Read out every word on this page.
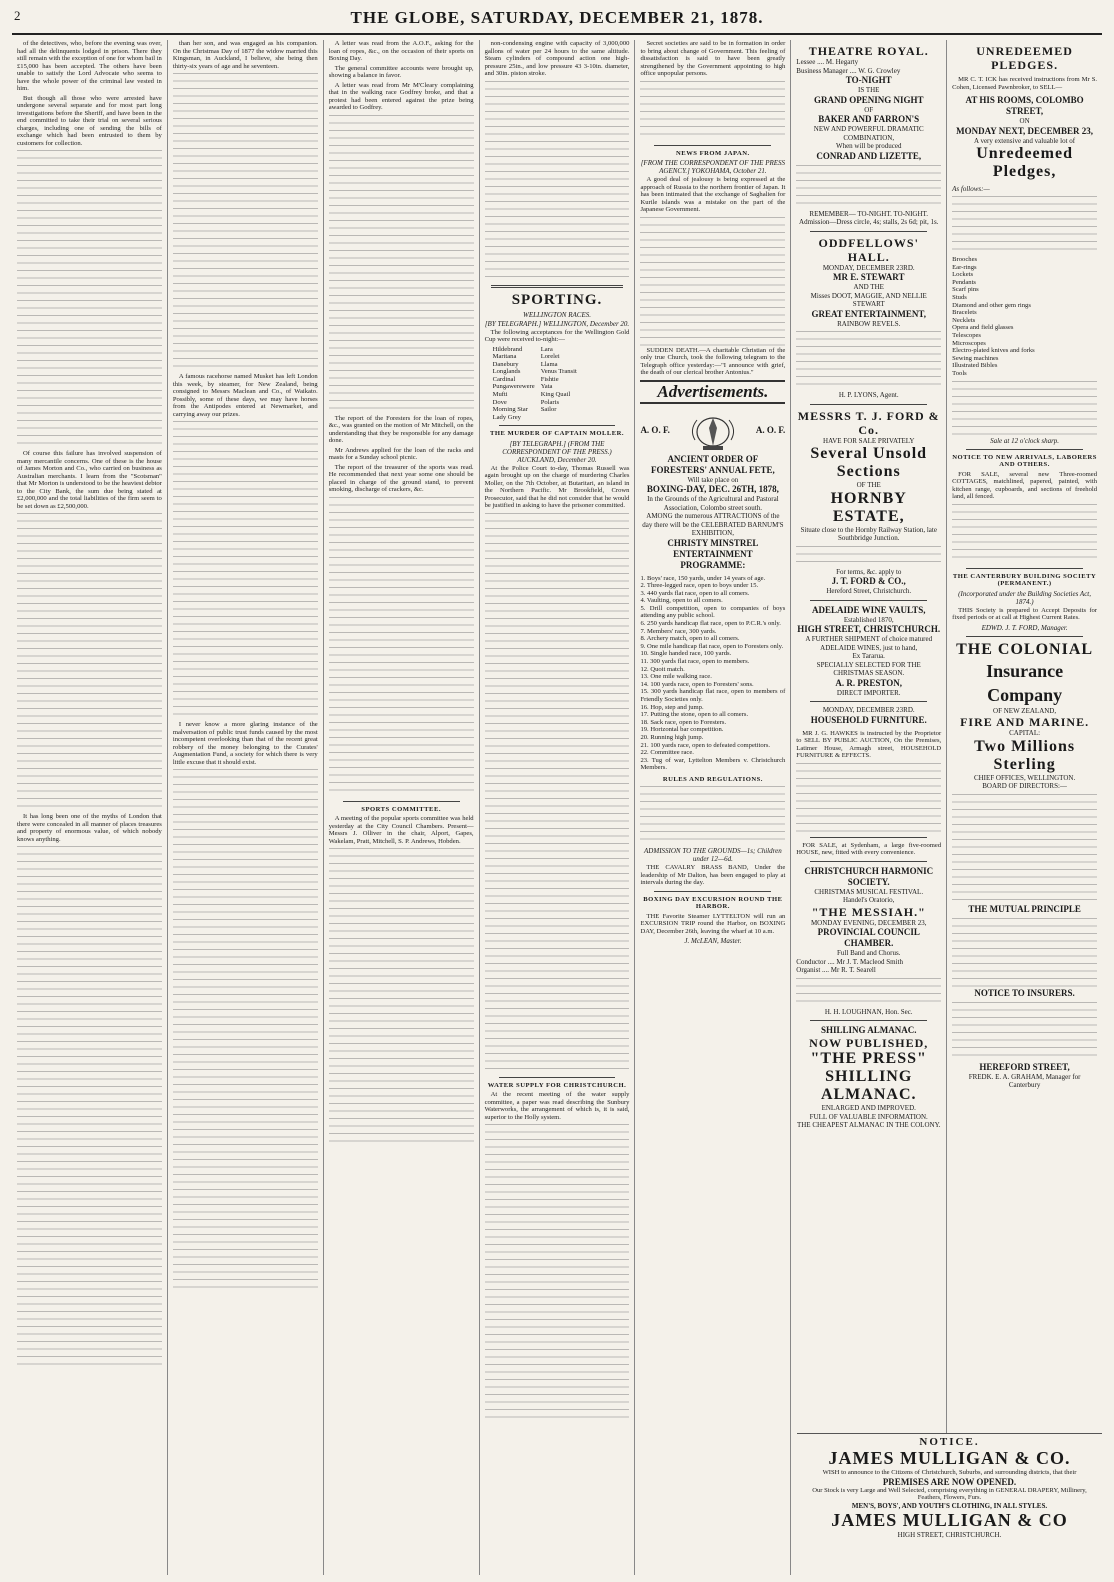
2	THE GLOBE, SATURDAY, DECEMBER 21, 1878.

of the detectives, who, before the evening was over, had all the delinquents lodged in prison. There they still remain with the exception of one for whom bail in £15,000 has been accepted. The others have been unable to satisfy the Lord Advocate who seems to have the whole power of the criminal law vested in him.

But though all those who were arrested have undergone several separate and for most part long investigations before the Sheriff, and have been in the end committed to take their trial on several serious charges, including one of sending the bills of exchange which had been entrusted to them by customers for collection.

Of course this failure has involved suspension of many mercantile concerns. One of these is the house of James Morton and Co., who carried on business as Australian merchants. I learn from the "Scotsman" that Mr Morton is understood to be the heaviest debtor to the City Bank, the sum due being stated at £2,000,000 and the total liabilities of the firm seem to be set down as £2,500,000.

It has long been one of the myths of London that there were concealed in all manner of places treasures and property of enormous value, of which nobody knows anything.

than her son, and was engaged as his companion. On the Christmas Day of 1877 the widow married this Kingsman, in Auckland, I believe, she being then thirty-six years of age and he seventeen.

A famous racehorse named Musket has left London this week, by steamer, for New Zealand, being consigned to Messrs Maclean and Co., of Waikato. Possibly, some of these days, we may have horses from the Antipodes entered at Newmarket, and carrying away our prizes.

I never know a more glaring instance of the malversation of public trust funds caused by the most incompetent overlooking than that of the recent great robbery of the money belonging to the Curates' Augmentation Fund, a society for which there is very little excuse that it should exist.

A letter was read from the A.O.F., asking for the loan of ropes, &c., on the occasion of their sports on Boxing Day.

The general committee accounts were brought up, showing a balance in favor.

A letter was read from Mr M'Cleary complaining that in the walking race Godfrey broke, and that a protest had been entered against the prize being awarded to Godfrey.

The report of the Foresters for the loan of ropes, &c., was granted on the motion of Mr Mitchell, on the understanding that they be responsible for any damage done.

Mr Andrews applied for the loan of the racks and masts for a Sunday school picnic.

The report of the treasurer of the sports was read. He recommended that next year some one should be placed in charge of the ground stand, to prevent smoking, discharge of crackers, &c.

SPORTS COMMITTEE.

A meeting of the popular sports committee was held yesterday at the City Council Chambers. Present—Messrs J. Olliver in the chair, Alport, Gapes, Wakelam, Pratt, Mitchell, S. P. Andrews, Hobden.

non-condensing engine with capacity of 3,000,000 gallons of water per 24 hours to the same altitude. Steam cylinders of compound action one high-pressure 25in., and low pressure 43 3-10in. diameter, and 30in. piston stroke.

SPORTING.
WELLINGTON RACES.
[BY TELEGRAPH.] WELLINGTON, December 20.

The following acceptances for the Wellington Gold Cup were received to-night:—

Hildebrand
Maritana
Danebury
Longlands
Cardinal
Pungawerewere
Mufti
Dove
Morning Star
Lady Grey
Lara
Lorelei
Llama
Venus Transit
Fishtie
Yata
King Quail
Polaris
Sailor
THE MURDER OF CAPTAIN MOLLER.
[BY TELEGRAPH.] (FROM THE CORRESPONDENT OF THE PRESS.) AUCKLAND, December 20.

At the Police Court to-day, Thomas Russell was again brought up on the charge of murdering Charles Moller, on the 7th October, at Butaritari, an island in the Northern Pacific. Mr Brookfield, Crown Prosecutor, said that he did not consider that he would be justified in asking to have the prisoner committed.

WATER SUPPLY FOR CHRISTCHURCH.

At the recent meeting of the water supply committee, a paper was read describing the Sunbury Waterworks, the arrangement of which is, it is said, superior to the Holly system.

Secret societies are said to be in formation in order to bring about change of Government. This feeling of dissatisfaction is said to have been greatly strengthened by the Government appointing to high office unpopular persons.

NEWS FROM JAPAN.
[FROM THE CORRESPONDENT OF THE PRESS AGENCY.] YOKOHAMA, October 21.

A good deal of jealousy is being expressed at the approach of Russia to the northern frontier of Japan. It has been intimated that the exchange of Saghalien for Kurile islands was a mistake on the part of the Japanese Government.

SUDDEN DEATH.—A charitable Christian of the only true Church, took the following telegram to the Telegraph office yesterday:—"I announce with grief, the death of our clerical brother Antonius."

Advertisements.
A. O. F.	A. O. F.
ANCIENT ORDER OF FORESTERS' ANNUAL FETE,
Will take place on
BOXING-DAY, DEC. 26TH, 1878,
In the Grounds of the Agricultural and Pastoral Association, Colombo street south.
AMONG the numerous ATTRACTIONS of the day there will be the CELEBRATED BARNUM'S EXHIBITION,
CHRISTY MINSTREL ENTERTAINMENT
PROGRAMME:
1. Boys' race, 150 yards, under 14 years of age.
2. Three-legged race, open to boys under 15.
3. 440 yards flat race, open to all comers.
4. Vaulting, open to all comers.
5. Drill competition, open to companies of boys attending any public school.
6. 250 yards handicap flat race, open to P.C.R.'s only.
7. Members' race, 300 yards.
8. Archery match, open to all comers.
9. One mile handicap flat race, open to Foresters only.
10. Single handed race, 100 yards.
11. 300 yards flat race, open to members.
12. Quoit match.
13. One mile walking race.
14. 100 yards race, open to Foresters' sons.
15. 300 yards handicap flat race, open to members of Friendly Societies only.
16. Hop, step and jump.
17. Putting the stone, open to all comers.
18. Sack race, open to Foresters.
19. Horizontal bar competition.
20. Running high jump.
21. 100 yards race, open to defeated competitors.
22. Committee race.
23. Tug of war, Lyttelton Members v. Christchurch Members.
RULES AND REGULATIONS.
ADMISSION TO THE GROUNDS—1s; Children under 12—6d.

THE CAVALRY BRASS BAND, Under the leadership of Mr Dalton, has been engaged to play at intervals during the day.

BOXING DAY EXCURSION ROUND THE HARBOR.

THE Favorite Steamer LYTTELTON will run an EXCURSION TRIP round the Harbor, on BOXING DAY, December 26th, leaving the wharf at 10 a.m.

J. McLEAN, Master.
THEATRE ROYAL.
Lessee .... M. Hegarty
Business Manager .... W. G. Crowley
TO-NIGHT
IS THE
GRAND OPENING NIGHT
OF
BAKER AND FARRON'S
NEW AND POWERFUL DRAMATIC COMBINATION,
When will be produced
CONRAD AND LIZETTE,
REMEMBER— TO-NIGHT. TO-NIGHT.
Admission—Dress circle, 4s; stalls, 2s 6d; pit, 1s.
ODDFELLOWS' HALL.
MONDAY, DECEMBER 23RD.
MR E. STEWART
AND THE
Misses DOOT, MAGGIE, AND NELLIE STEWART
GREAT ENTERTAINMENT,
RAINBOW REVELS.
H. P. LYONS, Agent.
MESSRS T. J. FORD & Co.
HAVE FOR SALE PRIVATELY
Several Unsold Sections
OF THE
HORNBY ESTATE,
Situate close to the Hornby Railway Station, late Southbridge Junction.
For terms, &c. apply to
J. T. FORD & CO.,
Hereford Street, Christchurch.
ADELAIDE WINE VAULTS,
Established 1870,
HIGH STREET, CHRISTCHURCH.
A FURTHER SHIPMENT of choice matured ADELAIDE WINES, just to hand,
Ex Tararua.
SPECIALLY SELECTED FOR THE CHRISTMAS SEASON.
A. R. PRESTON,
DIRECT IMPORTER.
MONDAY, DECEMBER 23RD.
HOUSEHOLD FURNITURE.

MR J. G. HAWKES is instructed by the Proprietor to SELL BY PUBLIC AUCTION, On the Premises, Latimer House, Armagh street, HOUSEHOLD FURNITURE & EFFECTS.

FOR SALE, at Sydenham, a large five-roomed HOUSE, new, fitted with every convenience.

CHRISTCHURCH HARMONIC SOCIETY.
CHRISTMAS MUSICAL FESTIVAL.
Handel's Oratorio,
"THE MESSIAH."
MONDAY EVENING, DECEMBER 23,
PROVINCIAL COUNCIL CHAMBER.
Full Band and Chorus.
Conductor .... Mr J. T. Macleod Smith
Organist .... Mr R. T. Searell
H. H. LOUGHNAN, Hon. Sec.
SHILLING ALMANAC.
NOW PUBLISHED,
"THE PRESS"
SHILLING
ALMANAC.
ENLARGED AND IMPROVED.
FULL OF VALUABLE INFORMATION.
THE CHEAPEST ALMANAC IN THE COLONY.
UNREDEEMED PLEDGES.

MR C. T. ICK has received instructions from Mr S. Cohen, Licensed Pawnbroker, to SELL—

AT HIS ROOMS, COLOMBO STREET,
ON
MONDAY NEXT, DECEMBER 23,
A very extensive and valuable lot of
Unredeemed Pledges,
As follows:—
Brooches
Ear-rings
Lockets
Pendants
Scarf pins
Studs
Diamond and other gem rings
Bracelets
Necklets
Opera and field glasses
Telescopes
Microscopes
Electro-plated knives and forks
Sewing machines
Illustrated Bibles
Tools
Sale at 12 o'clock sharp.
NOTICE TO NEW ARRIVALS, LABORERS AND OTHERS.

FOR SALE, several new Three-roomed COTTAGES, matchlined, papered, painted, with kitchen range, cupboards, and sections of freehold land, all fenced.

THE CANTERBURY BUILDING SOCIETY (PERMANENT.)
(Incorporated under the Building Societies Act, 1874.)

THIS Society is prepared to Accept Deposits for fixed periods or at call at Highest Current Rates.

EDWD. J. T. FORD, Manager.
THE COLONIAL
Insurance Company
OF NEW ZEALAND,
FIRE AND MARINE.
CAPITAL:
Two Millions Sterling
CHIEF OFFICES, WELLINGTON.
BOARD OF DIRECTORS:—
THE MUTUAL PRINCIPLE
NOTICE TO INSURERS.
HEREFORD STREET,
FREDK. E. A. GRAHAM, Manager for Canterbury
NOTICE.
JAMES MULLIGAN & CO.
WISH to announce to the Citizens of Christchurch, Suburbs, and surrounding districts, that their
PREMISES ARE NOW OPENED.
Our Stock is very Large and Well Selected, comprising everything in GENERAL DRAPERY, Millinery, Feathers, Flowers, Furs.
MEN'S, BOYS', AND YOUTH'S CLOTHING, IN ALL STYLES.
JAMES MULLIGAN & CO
HIGH STREET, CHRISTCHURCH.
